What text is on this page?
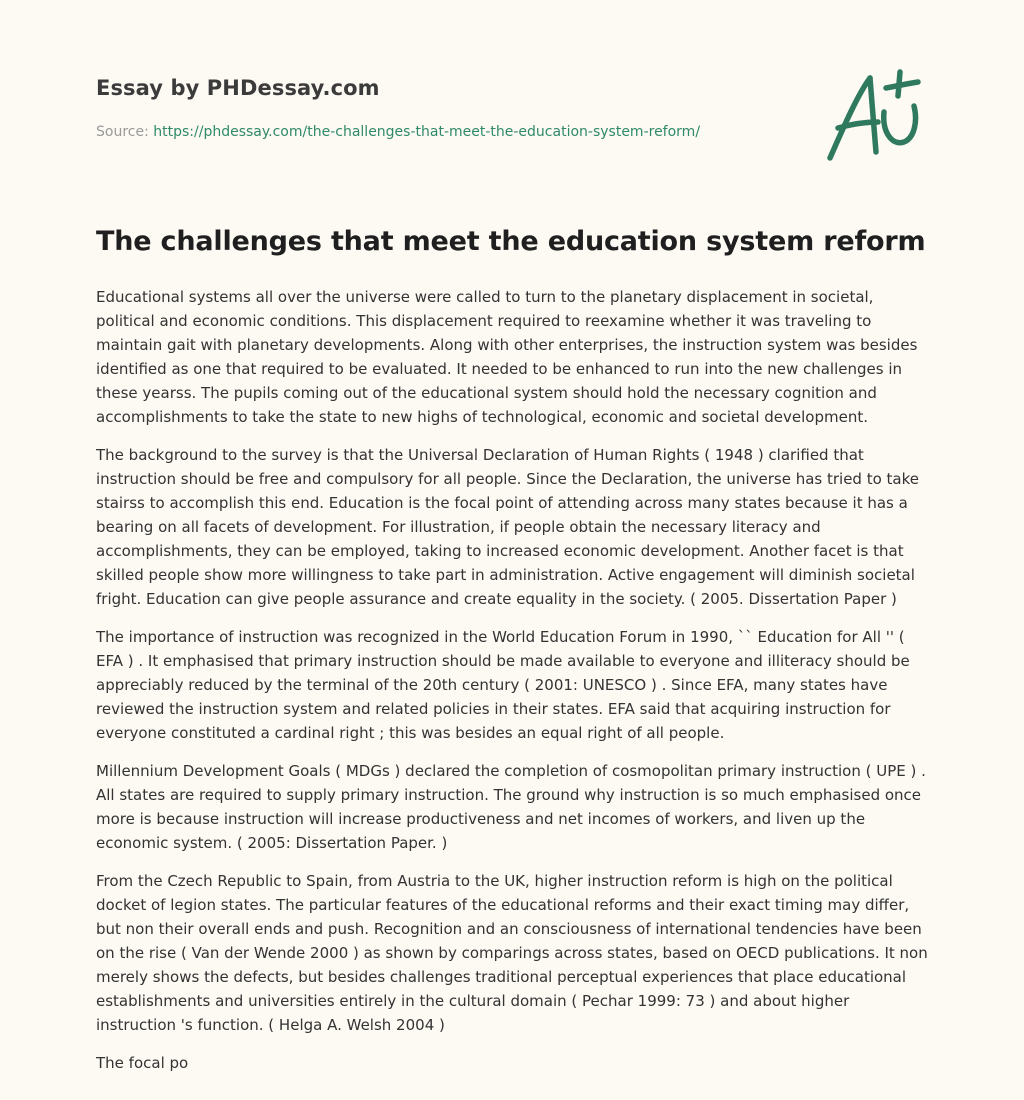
Essay by PHDessay.com
Source: https://phdessay.com/the-challenges-that-meet-the-education-system-reform/
The challenges that meet the education system reform

Educational systems all over the universe were called to turn to the planetary displacement in societal, political and economic conditions. This displacement required to reexamine whether it was traveling to maintain gait with planetary developments. Along with other enterprises, the instruction system was besides identified as one that required to be evaluated. It needed to be enhanced to run into the new challenges in these yearss. The pupils coming out of the educational system should hold the necessary cognition and accomplishments to take the state to new highs of technological, economic and societal development.

The background to the survey is that the Universal Declaration of Human Rights ( 1948 ) clarified that instruction should be free and compulsory for all people. Since the Declaration, the universe has tried to take stairss to accomplish this end. Education is the focal point of attending across many states because it has a bearing on all facets of development. For illustration, if people obtain the necessary literacy and accomplishments, they can be employed, taking to increased economic development. Another facet is that skilled people show more willingness to take part in administration. Active engagement will diminish societal fright. Education can give people assurance and create equality in the society. ( 2005. Dissertation Paper )

The importance of instruction was recognized in the World Education Forum in 1990, `` Education for All '' ( EFA ) . It emphasised that primary instruction should be made available to everyone and illiteracy should be appreciably reduced by the terminal of the 20th century ( 2001: UNESCO ) . Since EFA, many states have reviewed the instruction system and related policies in their states. EFA said that acquiring instruction for everyone constituted a cardinal right ; this was besides an equal right of all people.

Millennium Development Goals ( MDGs ) declared the completion of cosmopolitan primary instruction ( UPE ) . All states are required to supply primary instruction. The ground why instruction is so much emphasised once more is because instruction will increase productiveness and net incomes of workers, and liven up the economic system. ( 2005: Dissertation Paper. )

From the Czech Republic to Spain, from Austria to the UK, higher instruction reform is high on the political docket of legion states. The particular features of the educational reforms and their exact timing may differ, but non their overall ends and push. Recognition and an consciousness of international tendencies have been on the rise ( Van der Wende 2000 ) as shown by comparings across states, based on OECD publications. It non merely shows the defects, but besides challenges traditional perceptual experiences that place educational establishments and universities entirely in the cultural domain ( Pechar 1999: 73 ) and about higher instruction 's function. ( Helga A. Welsh 2004 )

The focal po
